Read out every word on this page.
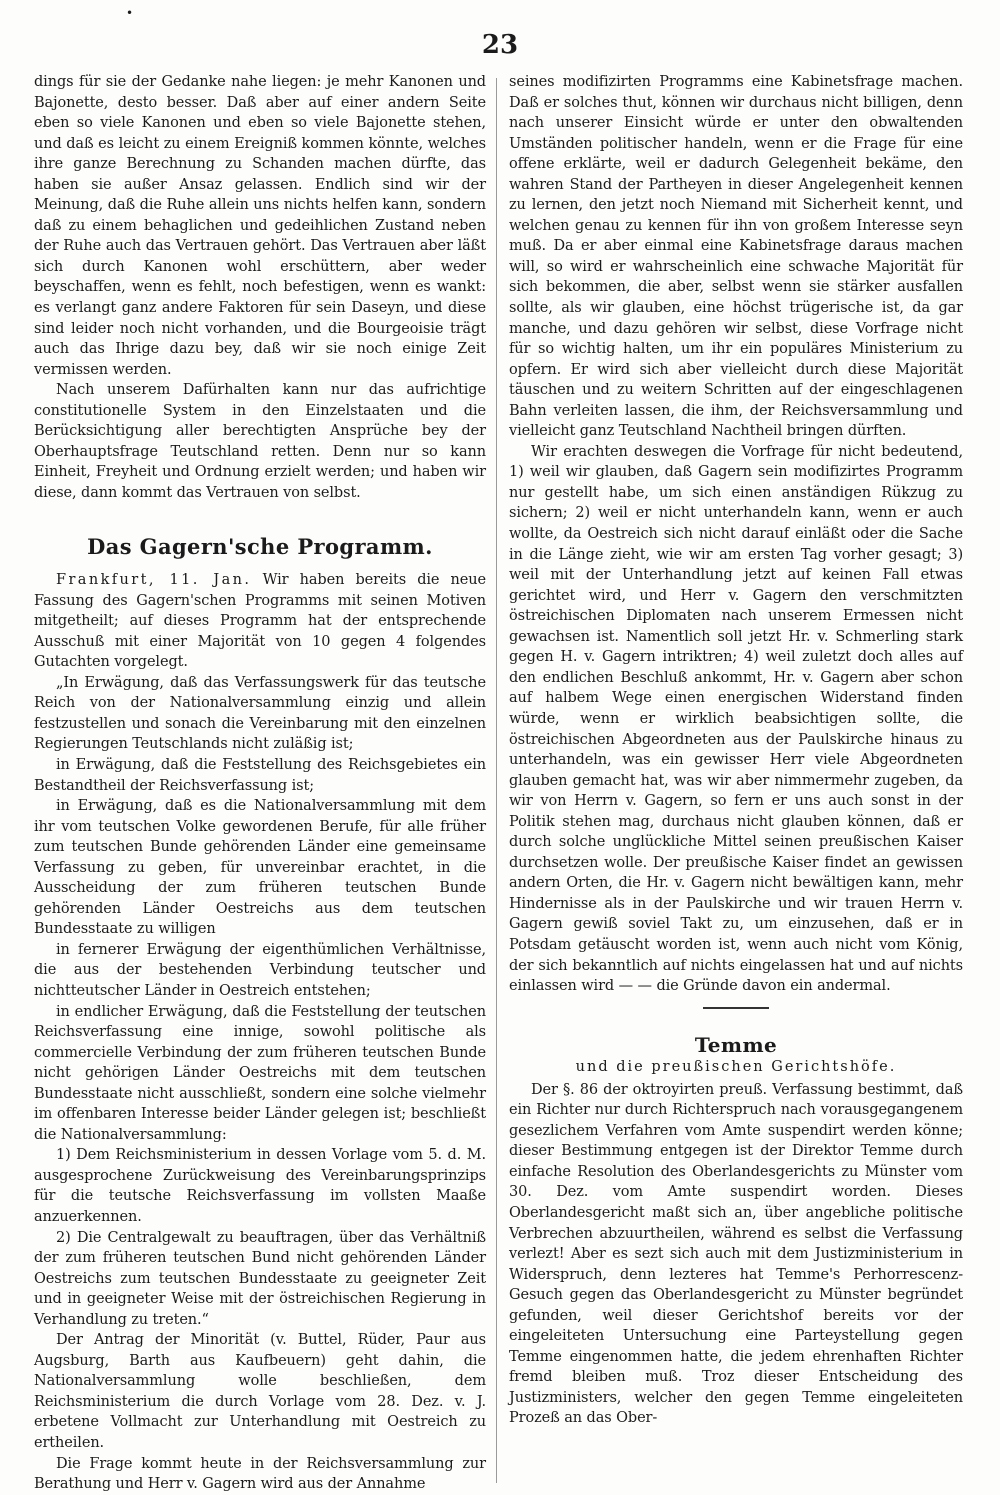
•
23

dings für sie der Gedanke nahe liegen: je mehr Kanonen und Bajonette, desto besser. Daß aber auf einer andern Seite eben so viele Kanonen und eben so viele Bajonette stehen, und daß es leicht zu einem Ereigniß kommen könnte, welches ihre ganze Berechnung zu Schanden machen dürfte, das haben sie außer Ansaz gelassen. Endlich sind wir der Meinung, daß die Ruhe allein uns nichts helfen kann, sondern daß zu einem behaglichen und gedeihlichen Zustand neben der Ruhe auch das Vertrauen gehört. Das Vertrauen aber läßt sich durch Kanonen wohl erschüttern, aber weder beyschaffen, wenn es fehlt, noch befestigen, wenn es wankt: es verlangt ganz andere Faktoren für sein Daseyn, und diese sind leider noch nicht vorhanden, und die Bourgeoisie trägt auch das Ihrige dazu bey, daß wir sie noch einige Zeit vermissen werden.

Nach unserem Dafürhalten kann nur das aufrichtige constitutionelle System in den Einzelstaaten und die Berücksichtigung aller berechtigten Ansprüche bey der Oberhauptsfrage Teutschland retten. Denn nur so kann Einheit, Freyheit und Ordnung erzielt werden; und haben wir diese, dann kommt das Vertrauen von selbst.

Das Gagern'sche Programm.

Frankfurt, 11. Jan. Wir haben bereits die neue Fassung des Gagern'schen Programms mit seinen Motiven mitgetheilt; auf dieses Programm hat der entsprechende Ausschuß mit einer Majorität von 10 gegen 4 folgendes Gutachten vorgelegt.

„In Erwägung, daß das Verfassungswerk für das teutsche Reich von der Nationalversammlung einzig und allein festzustellen und sonach die Vereinbarung mit den einzelnen Regierungen Teutschlands nicht zuläßig ist;

in Erwägung, daß die Feststellung des Reichsgebietes ein Bestandtheil der Reichsverfassung ist;

in Erwägung, daß es die Nationalversammlung mit dem ihr vom teutschen Volke gewordenen Berufe, für alle früher zum teutschen Bunde gehörenden Länder eine gemeinsame Verfassung zu geben, für unvereinbar erachtet, in die Ausscheidung der zum früheren teutschen Bunde gehörenden Länder Oestreichs aus dem teutschen Bundesstaate zu willigen

in fernerer Erwägung der eigenthümlichen Verhältnisse, die aus der bestehenden Verbindung teutscher und nichtteutscher Länder in Oestreich entstehen;

in endlicher Erwägung, daß die Feststellung der teutschen Reichsverfassung eine innige, sowohl politische als commercielle Verbindung der zum früheren teutschen Bunde nicht gehörigen Länder Oestreichs mit dem teutschen Bundesstaate nicht ausschließt, sondern eine solche vielmehr im offenbaren Interesse beider Länder gelegen ist; beschließt die Nationalversammlung:

1) Dem Reichsministerium in dessen Vorlage vom 5. d. M. ausgesprochene Zurückweisung des Vereinbarungsprinzips für die teutsche Reichsverfassung im vollsten Maaße anzuerkennen.

2) Die Centralgewalt zu beauftragen, über das Verhältniß der zum früheren teutschen Bund nicht gehörenden Länder Oestreichs zum teutschen Bundesstaate zu geeigneter Zeit und in geeigneter Weise mit der östreichischen Regierung in Verhandlung zu treten.“

Der Antrag der Minorität (v. Buttel, Rüder, Paur aus Augsburg, Barth aus Kaufbeuern) geht dahin, die Nationalversammlung wolle beschließen, dem Reichsministerium die durch Vorlage vom 28. Dez. v. J. erbetene Vollmacht zur Unterhandlung mit Oestreich zu ertheilen.

Die Frage kommt heute in der Reichsversammlung zur Berathung und Herr v. Gagern wird aus der Annahme

seines modifizirten Programms eine Kabinetsfrage machen. Daß er solches thut, können wir durchaus nicht billigen, denn nach unserer Einsicht würde er unter den obwaltenden Umständen politischer handeln, wenn er die Frage für eine offene erklärte, weil er dadurch Gelegenheit bekäme, den wahren Stand der Partheyen in dieser Angelegenheit kennen zu lernen, den jetzt noch Niemand mit Sicherheit kennt, und welchen genau zu kennen für ihn von großem Interesse seyn muß. Da er aber einmal eine Kabinetsfrage daraus machen will, so wird er wahrscheinlich eine schwache Majorität für sich bekommen, die aber, selbst wenn sie stärker ausfallen sollte, als wir glauben, eine höchst trügerische ist, da gar manche, und dazu gehören wir selbst, diese Vorfrage nicht für so wichtig halten, um ihr ein populäres Ministerium zu opfern. Er wird sich aber vielleicht durch diese Majorität täuschen und zu weitern Schritten auf der eingeschlagenen Bahn verleiten lassen, die ihm, der Reichsversammlung und vielleicht ganz Teutschland Nachtheil bringen dürften.

Wir erachten deswegen die Vorfrage für nicht bedeutend, 1) weil wir glauben, daß Gagern sein modifizirtes Programm nur gestellt habe, um sich einen anständigen Rükzug zu sichern; 2) weil er nicht unterhandeln kann, wenn er auch wollte, da Oestreich sich nicht darauf einläßt oder die Sache in die Länge zieht, wie wir am ersten Tag vorher gesagt; 3) weil mit der Unterhandlung jetzt auf keinen Fall etwas gerichtet wird, und Herr v. Gagern den verschmitzten östreichischen Diplomaten nach unserem Ermessen nicht gewachsen ist. Namentlich soll jetzt Hr. v. Schmerling stark gegen H. v. Gagern intriktren; 4) weil zuletzt doch alles auf den endlichen Beschluß ankommt, Hr. v. Gagern aber schon auf halbem Wege einen energischen Widerstand finden würde, wenn er wirklich beabsichtigen sollte, die östreichischen Abgeordneten aus der Paulskirche hinaus zu unterhandeln, was ein gewisser Herr viele Abgeordneten glauben gemacht hat, was wir aber nimmermehr zugeben, da wir von Herrn v. Gagern, so fern er uns auch sonst in der Politik stehen mag, durchaus nicht glauben können, daß er durch solche unglückliche Mittel seinen preußischen Kaiser durchsetzen wolle. Der preußische Kaiser findet an gewissen andern Orten, die Hr. v. Gagern nicht bewältigen kann, mehr Hindernisse als in der Paulskirche und wir trauen Herrn v. Gagern gewiß soviel Takt zu, um einzusehen, daß er in Potsdam getäuscht worden ist, wenn auch nicht vom König, der sich bekanntlich auf nichts eingelassen hat und auf nichts einlassen wird — — die Gründe davon ein andermal.

Temme
und die preußischen Gerichtshöfe.

Der §. 86 der oktroyirten preuß. Verfassung bestimmt, daß ein Richter nur durch Richterspruch nach vorausgegangenem gesezlichem Verfahren vom Amte suspendirt werden könne; dieser Bestimmung entgegen ist der Direktor Temme durch einfache Resolution des Oberlandesgerichts zu Münster vom 30. Dez. vom Amte suspendirt worden. Dieses Oberlandesgericht maßt sich an, über angebliche politische Verbrechen abzuurtheilen, während es selbst die Verfassung verlezt! Aber es sezt sich auch mit dem Justizministerium in Widerspruch, denn lezteres hat Temme's Perhorrescenz-Gesuch gegen das Oberlandesgericht zu Münster begründet gefunden, weil dieser Gerichtshof bereits vor der eingeleiteten Untersuchung eine Parteystellung gegen Temme eingenommen hatte, die jedem ehrenhaften Richter fremd bleiben muß. Troz dieser Entscheidung des Justizministers, welcher den gegen Temme eingeleiteten Prozeß an das Ober-
